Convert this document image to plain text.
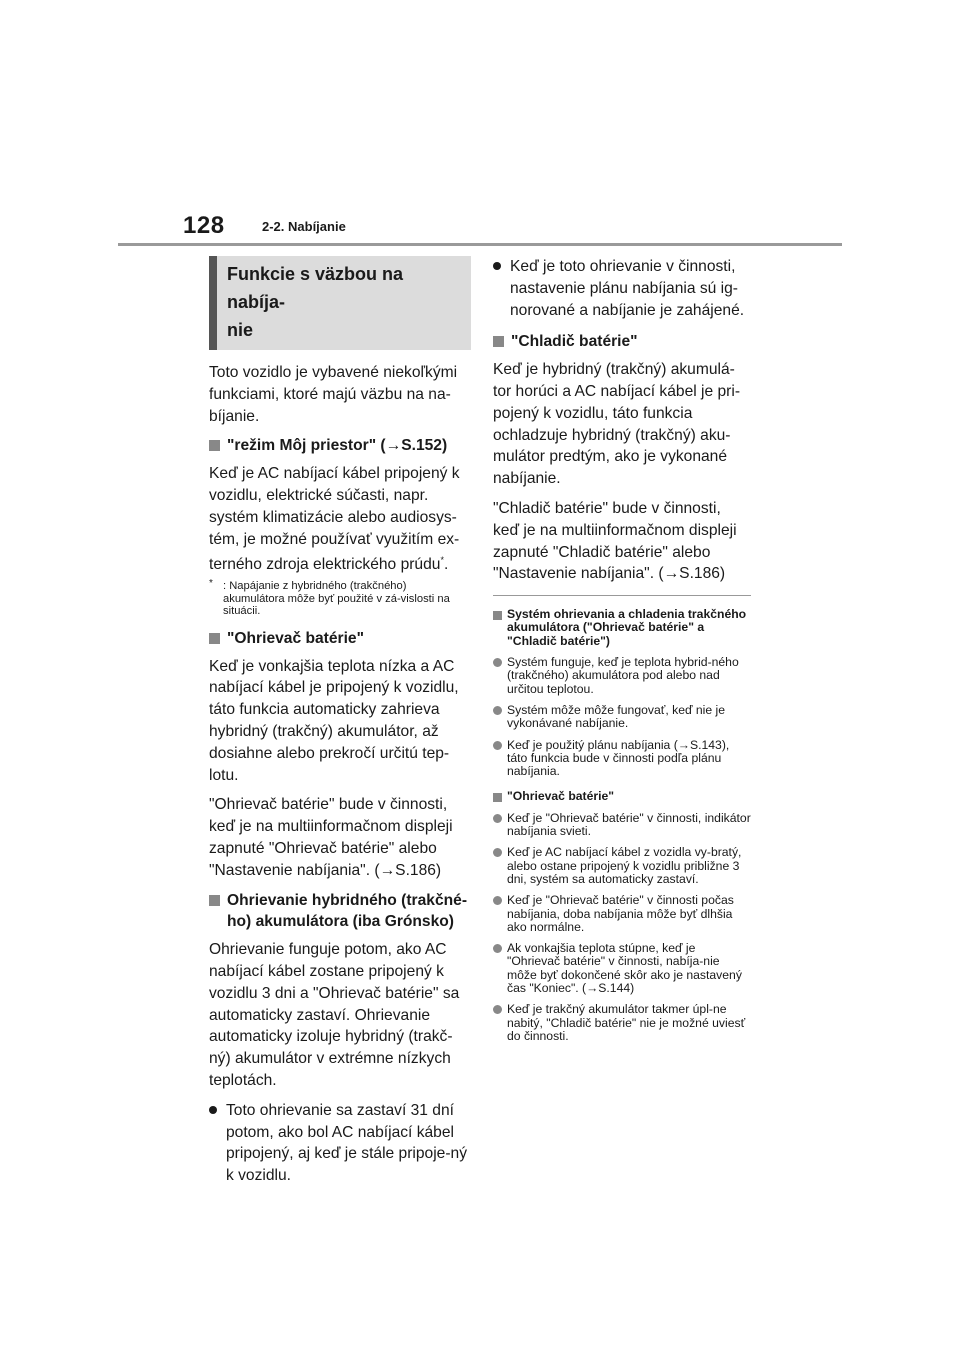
128	2-2. Nabíjanie
Funkcie s väzbou na nabíja-
nie

Toto vozidlo je vybavené niekoľkými funkciami, ktoré majú väzbu na na-bíjanie.

"režim Môj priestor" (→S.152)

Keď je AC nabíjací kábel pripojený k vozidlu, elektrické súčasti, napr. systém klimatizácie alebo audiosys-tém, je možné používať využitím ex-terného zdroja elektrického prúdu*.

* : Napájanie z hybridného (trakčného) akumulátora môže byť použité v zá-vislosti na situácii.
"Ohrievač batérie"

Keď je vonkajšia teplota nízka a AC nabíjací kábel je pripojený k vozidlu, táto funkcia automaticky zahrieva hybridný (trakčný) akumulátor, až dosiahne alebo prekročí určitú tep-lotu.

"Ohrievač batérie" bude v činnosti, keď je na multiinformačnom displeji zapnuté "Ohrievač batérie" alebo "Nastavenie nabíjania". (→S.186)

Ohrievanie hybridného (trakčné-ho) akumulátora (iba Grónsko)

Ohrievanie funguje potom, ako AC nabíjací kábel zostane pripojený k vozidlu 3 dni a "Ohrievač batérie" sa automaticky zastaví. Ohrievanie automaticky izoluje hybridný (trakč-ný) akumulátor v extrémne nízkych teplotách.

Toto ohrievanie sa zastaví 31 dní potom, ako bol AC nabíjací kábel pripojený, aj keď je stále pripoje-ný k vozidlu.
Keď je toto ohrievanie v činnosti, nastavenie plánu nabíjania sú ig-norované a nabíjanie je zahájené.
"Chladič batérie"

Keď je hybridný (trakčný) akumulá-tor horúci a AC nabíjací kábel je pri-pojený k vozidlu, táto funkcia ochladzuje hybridný (trakčný) aku-mulátor predtým, ako je vykonané nabíjanie.

"Chladič batérie" bude v činnosti, keď je na multiinformačnom displeji zapnuté "Chladič batérie" alebo "Nastavenie nabíjania". (→S.186)

Systém ohrievania a chladenia trakčného akumulátora ("Ohrievač batérie" a "Chladič batérie")
Systém funguje, keď je teplota hybrid-ného (trakčného) akumulátora pod alebo nad určitou teplotou.
Systém môže môže fungovať, keď nie je vykonávané nabíjanie.
Keď je použitý plánu nabíjania (→S.143), táto funkcia bude v činnosti podľa plánu nabíjania.
"Ohrievač batérie"
Keď je "Ohrievač batérie" v činnosti, indikátor nabíjania svieti.
Keď je AC nabíjací kábel z vozidla vy-bratý, alebo ostane pripojený k vozidlu približne 3 dni, systém sa automaticky zastaví.
Keď je "Ohrievač batérie" v činnosti počas nabíjania, doba nabíjania môže byť dlhšia ako normálne.
Ak vonkajšia teplota stúpne, keď je "Ohrievač batérie" v činnosti, nabíja-nie môže byť dokončené skôr ako je nastavený čas "Koniec". (→S.144)
Keď je trakčný akumulátor takmer úpl-ne nabitý, "Chladič batérie" nie je možné uviesť do činnosti.
